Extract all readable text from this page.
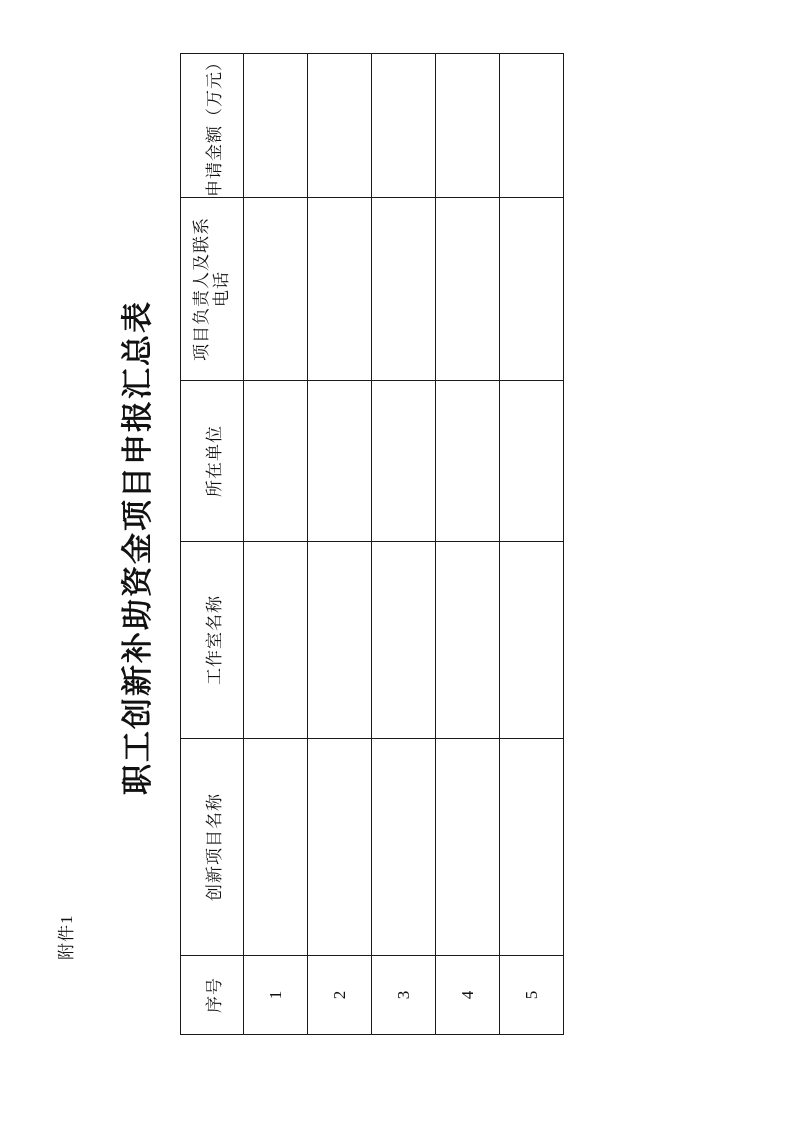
附件1
职工创新补助资金项目申报汇总表
序号	创新项目名称	工作室名称	所在单位	项目负责人及联系 电话	申请金额（万元）
1					
2					
3					
4					
5					
